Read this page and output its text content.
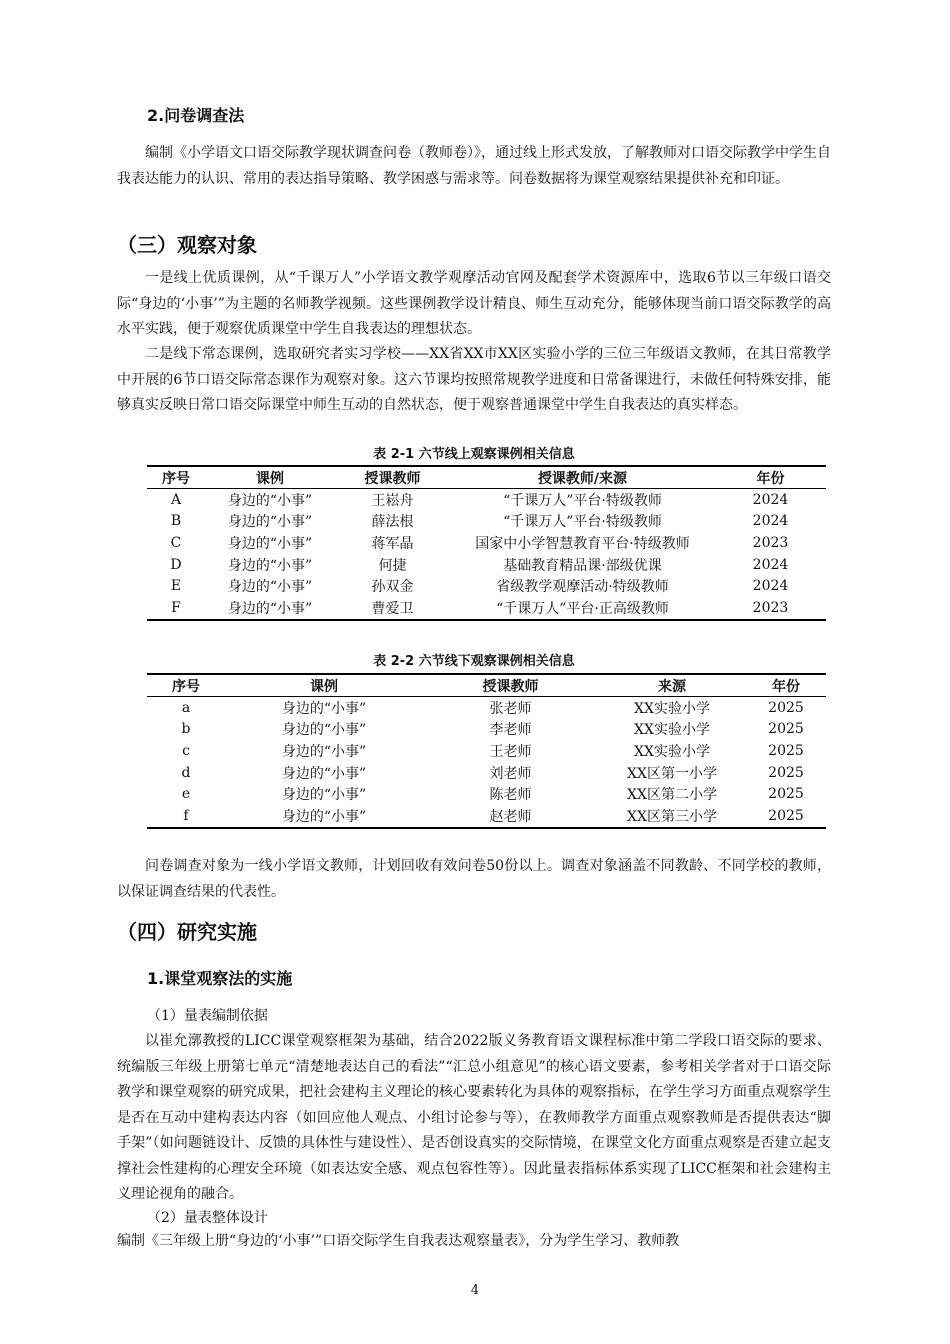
2.问卷调查法

编制《小学语文口语交际教学现状调查问卷（教师卷）》，通过线上形式发放，了解教师对口语交际教学中学生自我表达能力的认识、常用的表达指导策略、教学困惑与需求等。问卷数据将为课堂观察结果提供补充和印证。

（三）观察对象

一是线上优质课例，从“千课万人”小学语文教学观摩活动官网及配套学术资源库中，选取6节以三年级口语交际“身边的‘小事’”为主题的名师教学视频。这些课例教学设计精良、师生互动充分，能够体现当前口语交际教学的高水平实践，便于观察优质课堂中学生自我表达的理想状态。

二是线下常态课例，选取研究者实习学校——XX省XX市XX区实验小学的三位三年级语文教师，在其日常教学中开展的6节口语交际常态课作为观察对象。这六节课均按照常规教学进度和日常备课进行，未做任何特殊安排，能够真实反映日常口语交际课堂中师生互动的自然状态，便于观察普通课堂中学生自我表达的真实样态。

表 2-1 六节线上观察课例相关信息
序号	课例	授课教师	授课教师/来源	年份
A	身边的“小事”	王崧舟	“千课万人”平台·特级教师	2024
B	身边的“小事”	薛法根	“千课万人”平台·特级教师	2024
C	身边的“小事”	蒋军晶	国家中小学智慧教育平台·特级教师	2023
D	身边的“小事”	何捷	基础教育精品课·部级优课	2024
E	身边的“小事”	孙双金	省级教学观摩活动·特级教师	2024
F	身边的“小事”	曹爱卫	“千课万人”平台·正高级教师	2023
表 2-2 六节线下观察课例相关信息
序号	课例	授课教师	来源	年份
a	身边的“小事”	张老师	XX实验小学	2025
b	身边的“小事”	李老师	XX实验小学	2025
c	身边的“小事”	王老师	XX实验小学	2025
d	身边的“小事”	刘老师	XX区第一小学	2025
e	身边的“小事”	陈老师	XX区第二小学	2025
f	身边的“小事”	赵老师	XX区第三小学	2025

问卷调查对象为一线小学语文教师，计划回收有效问卷50份以上。调查对象涵盖不同教龄、不同学校的教师，以保证调查结果的代表性。

（四）研究实施
1.课堂观察法的实施
（1）量表编制依据

以崔允漷教授的LICC课堂观察框架为基础，结合2022版义务教育语文课程标准中第二学段口语交际的要求、统编版三年级上册第七单元“清楚地表达自己的看法”“汇总小组意见”的核心语文要素，参考相关学者对于口语交际教学和课堂观察的研究成果，把社会建构主义理论的核心要素转化为具体的观察指标，在学生学习方面重点观察学生是否在互动中建构表达内容（如回应他人观点、小组讨论参与等），在教师教学方面重点观察教师是否提供表达“脚手架”（如问题链设计、反馈的具体性与建设性）、是否创设真实的交际情境，在课堂文化方面重点观察是否建立起支撑社会性建构的心理安全环境（如表达安全感、观点包容性等）。因此量表指标体系实现了LICC框架和社会建构主义理论视角的融合。

（2）量表整体设计

编制《三年级上册“身边的‘小事’”口语交际学生自我表达观察量表》，分为学生学习、教师教

4
